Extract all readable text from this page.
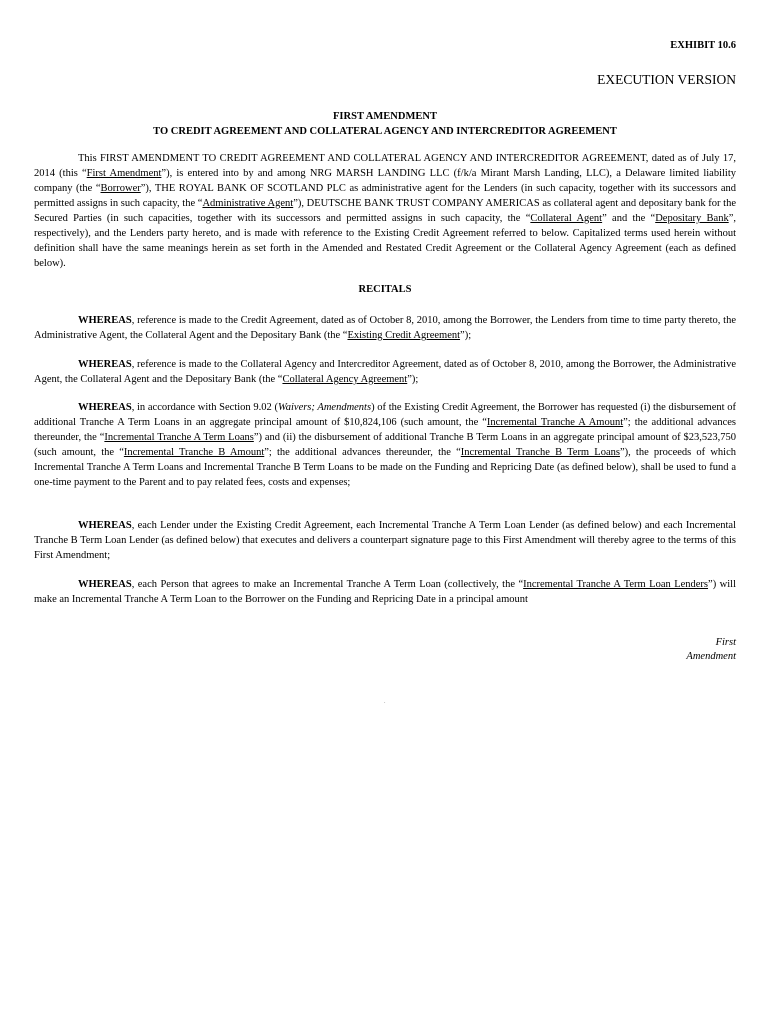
EXHIBIT 10.6
EXECUTION VERSION
FIRST AMENDMENT
TO CREDIT AGREEMENT AND COLLATERAL AGENCY AND INTERCREDITOR AGREEMENT
This FIRST AMENDMENT TO CREDIT AGREEMENT AND COLLATERAL AGENCY AND INTERCREDITOR AGREEMENT, dated as of July 17, 2014 (this “First Amendment”), is entered into by and among NRG MARSH LANDING LLC (f/k/a Mirant Marsh Landing, LLC), a Delaware limited liability company (the “Borrower”), THE ROYAL BANK OF SCOTLAND PLC as administrative agent for the Lenders (in such capacity, together with its successors and permitted assigns in such capacity, the “Administrative Agent”), DEUTSCHE BANK TRUST COMPANY AMERICAS as collateral agent and depositary bank for the Secured Parties (in such capacities, together with its successors and permitted assigns in such capacity, the “Collateral Agent” and the “Depositary Bank”, respectively), and the Lenders party hereto, and is made with reference to the Existing Credit Agreement referred to below. Capitalized terms used herein without definition shall have the same meanings herein as set forth in the Amended and Restated Credit Agreement or the Collateral Agency Agreement (each as defined below).
RECITALS
WHEREAS, reference is made to the Credit Agreement, dated as of October 8, 2010, among the Borrower, the Lenders from time to time party thereto, the Administrative Agent, the Collateral Agent and the Depositary Bank (the “Existing Credit Agreement”);
WHEREAS, reference is made to the Collateral Agency and Intercreditor Agreement, dated as of October 8, 2010, among the Borrower, the Administrative Agent, the Collateral Agent and the Depositary Bank (the “Collateral Agency Agreement”);
WHEREAS, in accordance with Section 9.02 (Waivers; Amendments) of the Existing Credit Agreement, the Borrower has requested (i) the disbursement of additional Tranche A Term Loans in an aggregate principal amount of $10,824,106 (such amount, the “Incremental Tranche A Amount”; the additional advances thereunder, the “Incremental Tranche A Term Loans”) and (ii) the disbursement of additional Tranche B Term Loans in an aggregate principal amount of $23,523,750 (such amount, the “Incremental Tranche B Amount”; the additional advances thereunder, the “Incremental Tranche B Term Loans”), the proceeds of which Incremental Tranche A Term Loans and Incremental Tranche B Term Loans to be made on the Funding and Repricing Date (as defined below), shall be used to fund a one-time payment to the Parent and to pay related fees, costs and expenses;
WHEREAS, each Lender under the Existing Credit Agreement, each Incremental Tranche A Term Loan Lender (as defined below) and each Incremental Tranche B Term Loan Lender (as defined below) that executes and delivers a counterpart signature page to this First Amendment will thereby agree to the terms of this First Amendment;
WHEREAS, each Person that agrees to make an Incremental Tranche A Term Loan (collectively, the “Incremental Tranche A Term Loan Lenders”) will make an Incremental Tranche A Term Loan to the Borrower on the Funding and Repricing Date in a principal amount
First
Amendment
.
